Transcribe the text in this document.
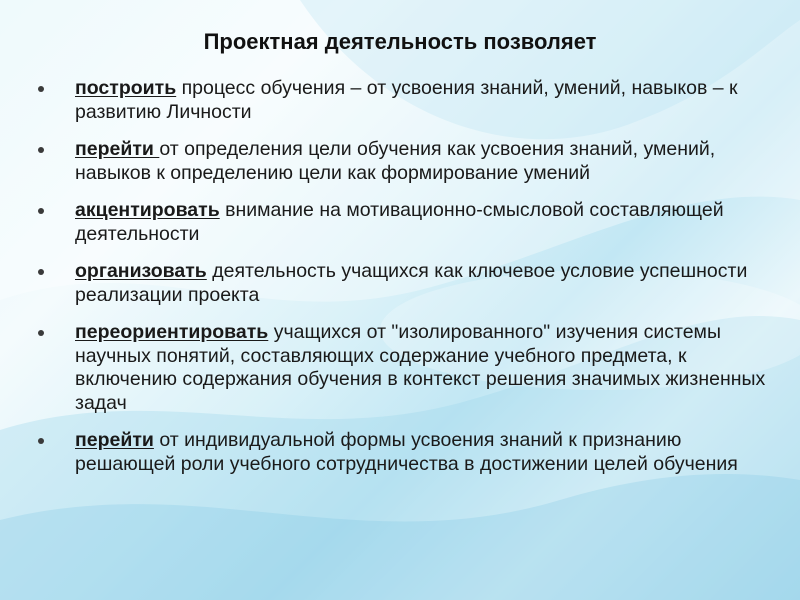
Проектная деятельность позволяет
построить процесс обучения – от усвоения знаний, умений, навыков – к развитию Личности
перейти от определения цели обучения как усвоения знаний, умений, навыков к определению цели как формирование умений
акцентировать внимание на мотивационно-смысловой составляющей деятельности
организовать деятельность учащихся как ключевое условие успешности реализации проекта
переориентировать учащихся от "изолированного" изучения системы научных понятий, составляющих содержание учебного предмета, к включению содержания обучения в контекст решения значимых жизненных задач
перейти от индивидуальной формы усвоения знаний к признанию решающей роли учебного сотрудничества в достижении целей обучения
